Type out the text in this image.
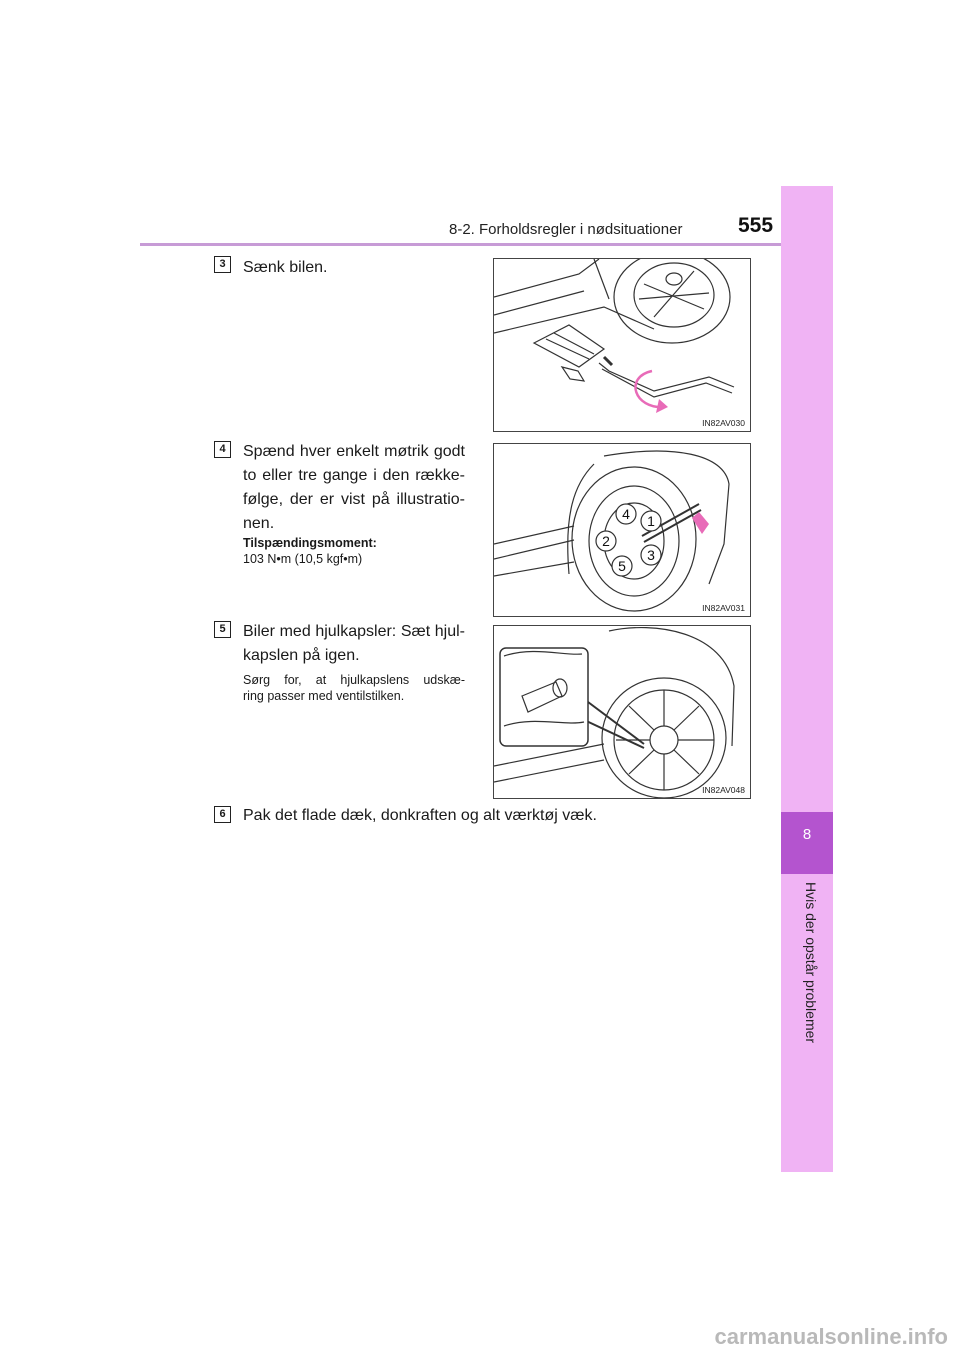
8-2. Forholdsregler i nødsituationer	555
8
Hvis der opstår problemer
3	Sænk bilen.
IN82AV030
4	Spænd hver enkelt møtrik godt
to eller tre gange i den række-
følge, der er vist på illustratio-
nen.
Tilspændingsmoment:
103 N•m (10,5 kgf•m)
4 1
2
3
5
IN82AV031
5	Biler med hjulkapsler: Sæt hjul-
kapslen på igen.
Sørg for, at hjulkapslens udskæ-
ring passer med ventilstilken.
IN82AV048
6	Pak det flade dæk, donkraften og alt værktøj væk.
carmanualsonline.info
